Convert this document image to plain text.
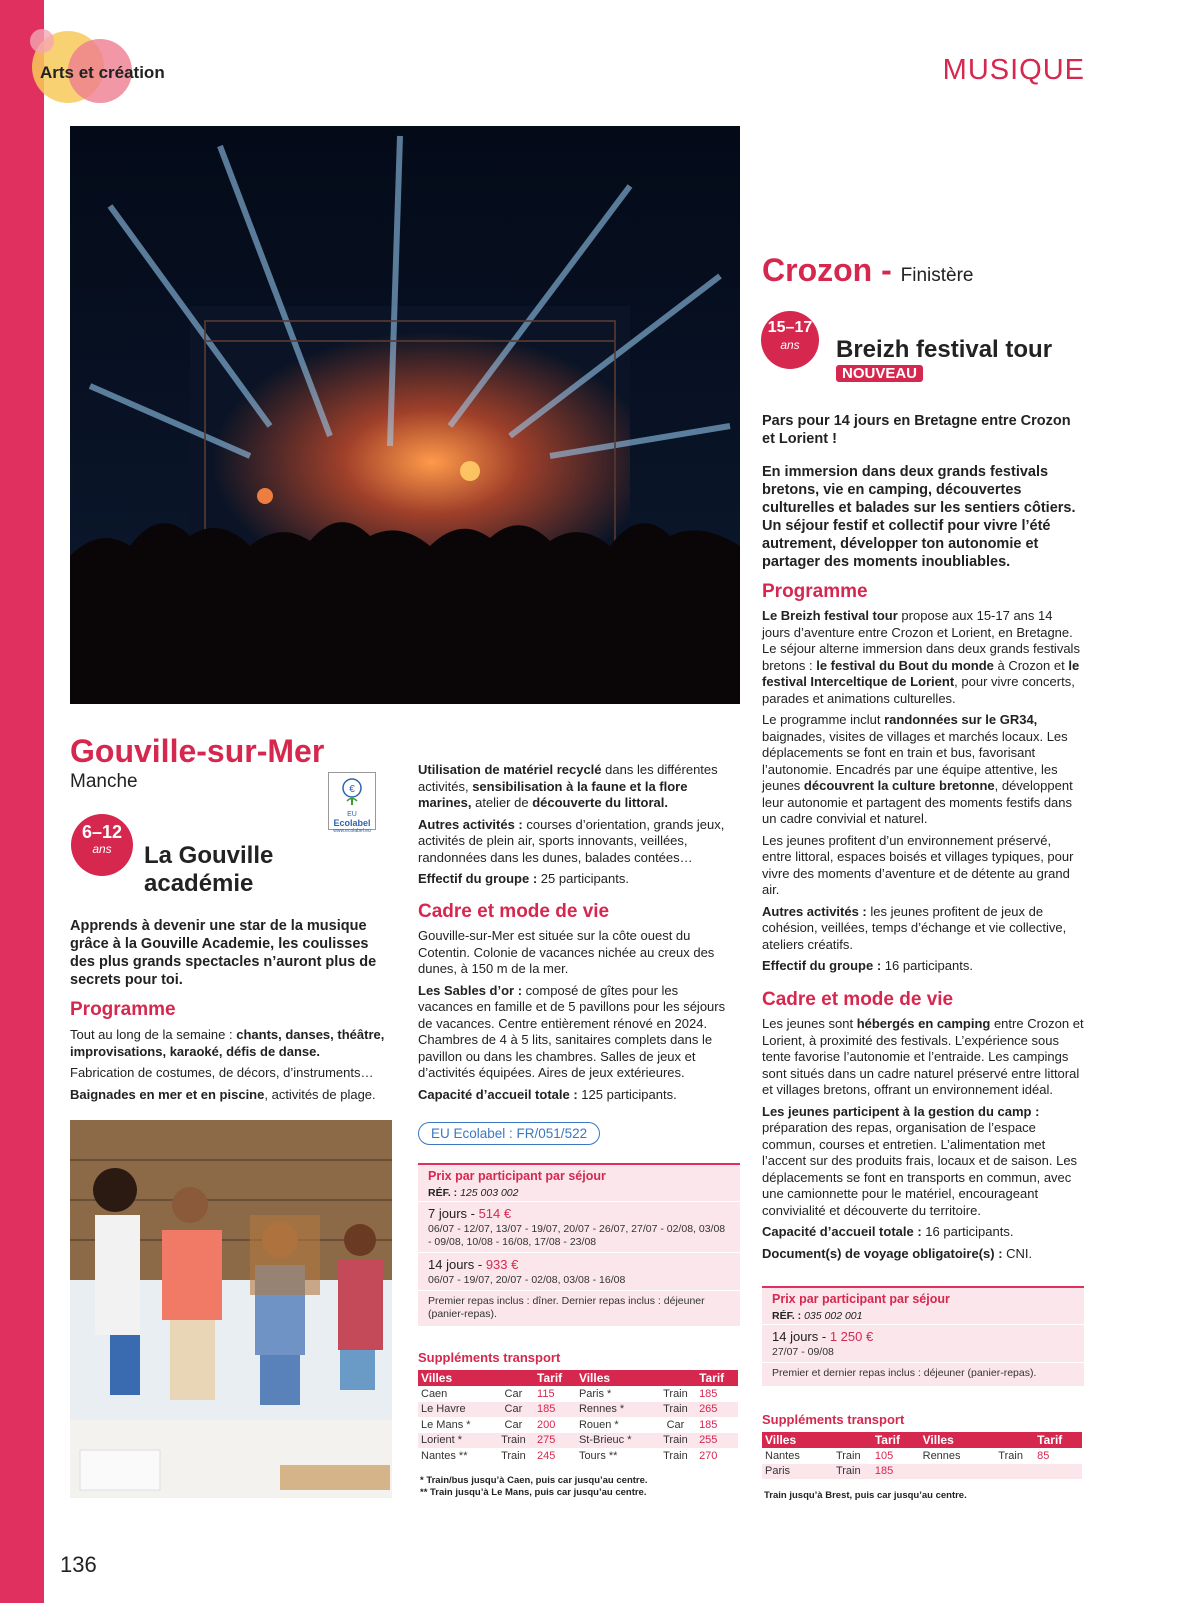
Arts et création	MUSIQUE
Gouville-sur-Mer
Manche	€
EU
Ecolabel
www.ecolabel.eu
6–12
ans	La Gouville
académie
Apprends à devenir une star de la musique grâce à la Gouville Academie, les coulisses des plus grands spectacles n’auront plus de secrets pour toi.
Programme

Tout au long de la semaine : chants, danses, théâtre, improvisations, karaoké, défis de danse.

Fabrication de costumes, de décors, d’instruments…

Baignades en mer et en piscine, activités de plage.

Utilisation de matériel recyclé dans les différentes activités, sensibilisation à la faune et la flore marines, atelier de découverte du littoral.

Autres activités : courses d’orientation, grands jeux, activités de plein air, sports innovants, veillées, randonnées dans les dunes, balades contées…

Effectif du groupe : 25 participants.

Cadre et mode de vie

Gouville-sur-Mer est située sur la côte ouest du Cotentin. Colonie de vacances nichée au creux des dunes, à 150 m de la mer.

Les Sables d’or : composé de gîtes pour les vacances en famille et de 5 pavillons pour les séjours de vacances. Centre entièrement rénové en 2024. Chambres de 4 à 5 lits, sanitaires complets dans le pavillon ou dans les chambres. Salles de jeux et d’activités équipées. Aires de jeux extérieures.

Capacité d’accueil totale : 125 participants.

EU Ecolabel : FR/051/522
Prix par participant par séjour
RÉF. : 125 003 002
7 jours - 514 €
06/07 - 12/07, 13/07 - 19/07, 20/07 - 26/07, 27/07 - 02/08, 03/08 - 09/08, 10/08 - 16/08, 17/08 - 23/08
14 jours - 933 €
06/07 - 19/07, 20/07 - 02/08, 03/08 - 16/08
Premier repas inclus : dîner. Dernier repas inclus : déjeuner (panier-repas).
Suppléments transport
Villes		Tarif	Villes		Tarif
Caen	Car	115	Paris *	Train	185
Le Havre	Car	185	Rennes *	Train	265
Le Mans *	Car	200	Rouen *	Car	185
Lorient *	Train	275	St-Brieuc *	Train	255
Nantes **	Train	245	Tours **	Train	270
* Train/bus jusqu’à Caen, puis car jusqu’au centre.
** Train jusqu’à Le Mans, puis car jusqu’au centre.
Crozon - Finistère
15–17
ans	Breizh festival tour
NOUVEAU
Pars pour 14 jours en Bretagne entre Crozon et Lorient !
En immersion dans deux grands festivals bretons, vie en camping, découvertes culturelles et balades sur les sentiers côtiers. Un séjour festif et collectif pour vivre l’été autrement, développer ton autonomie et partager des moments inoubliables.
Programme

Le Breizh festival tour propose aux 15-17 ans 14 jours d’aventure entre Crozon et Lorient, en Bretagne. Le séjour alterne immersion dans deux grands festivals bretons : le festival du Bout du monde à Crozon et le festival Interceltique de Lorient, pour vivre concerts, parades et animations culturelles.

Le programme inclut randonnées sur le GR34, baignades, visites de villages et marchés locaux. Les déplacements se font en train et bus, favorisant l’autonomie. Encadrés par une équipe attentive, les jeunes découvrent la culture bretonne, développent leur autonomie et partagent des moments festifs dans un cadre convivial et naturel.

Les jeunes profitent d’un environnement préservé, entre littoral, espaces boisés et villages typiques, pour vivre des moments d’aventure et de détente au grand air.

Autres activités : les jeunes profitent de jeux de cohésion, veillées, temps d’échange et vie collective, ateliers créatifs.

Effectif du groupe : 16 participants.

Cadre et mode de vie

Les jeunes sont hébergés en camping entre Crozon et Lorient, à proximité des festivals. L’expérience sous tente favorise l’autonomie et l’entraide. Les campings sont situés dans un cadre naturel préservé entre littoral et villages bretons, offrant un environnement idéal.

Les jeunes participent à la gestion du camp : préparation des repas, organisation de l’espace commun, courses et entretien. L’alimentation met l’accent sur des produits frais, locaux et de saison. Les déplacements se font en transports en commun, avec une camionnette pour le matériel, encourageant convivialité et découverte du territoire.

Capacité d’accueil totale : 16 participants.

Document(s) de voyage obligatoire(s) : CNI.

Prix par participant par séjour
RÉF. : 035 002 001
14 jours - 1 250 €
27/07 - 09/08
Premier et dernier repas inclus : déjeuner (panier-repas).
Suppléments transport
Villes		Tarif	Villes		Tarif
Nantes	Train	105	Rennes	Train	85
Paris	Train	185			
Train jusqu’à Brest, puis car jusqu’au centre.
136
